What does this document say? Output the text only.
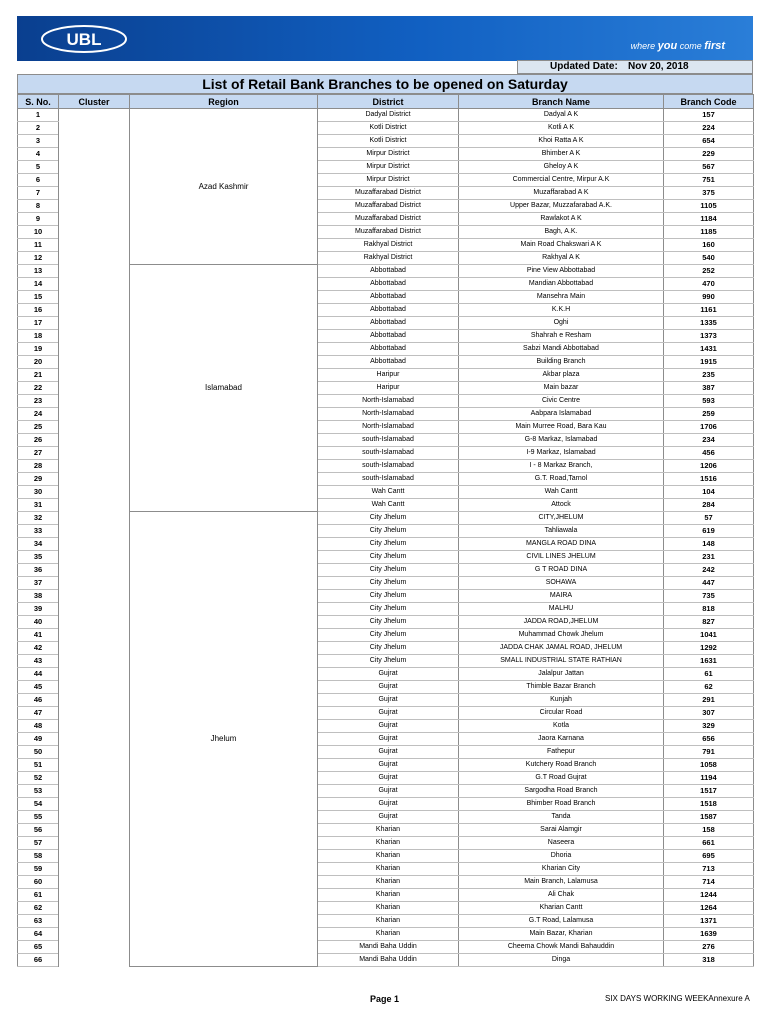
UBL	where you come first
Updated Date: Nov 20, 2018
List of Retail Bank Branches to be opened on Saturday
S. No.	Cluster	Region	District	Branch Name	Branch Code
1		Azad Kashmir	Dadyal District	Dadyal A K	157
2			Kotli District	Kotli A K	224
3			Kotli District	Khoi Ratta A K	654
4			Mirpur District	Bhimber A K	229
5			Mirpur District	Gheloy A K	567
6			Mirpur District	Commercial Centre, Mirpur A.K	751
7			Muzaffarabad District	Muzaffarabad A K	375
8			Muzaffarabad District	Upper Bazar, Muzzafarabad A.K.	1105
9			Muzaffarabad District	Rawlakot A K	1184
10			Muzaffarabad District	Bagh, A.K.	1185
11			Rakhyal District	Main Road Chakswari A K	160
12			Rakhyal District	Rakhyal A K	540
13		Islamabad	Abbottabad	Pine View Abbottabad	252
14			Abbottabad	Mandian Abbottabad	470
15			Abbottabad	Mansehra Main	990
16			Abbottabad	K.K.H	1161
17			Abbottabad	Oghi	1335
18			Abbottabad	Shahrah e Resham	1373
19			Abbottabad	Sabzi Mandi Abbottabad	1431
20			Abbottabad	Building Branch	1915
21			Haripur	Akbar plaza	235
22			Haripur	Main bazar	387
23			North-Islamabad	Civic Centre	593
24			North-Islamabad	Aabpara Islamabad	259
25			North-Islamabad	Main Murree Road, Bara Kau	1706
26			south-Islamabad	G-8 Markaz, Islamabad	234
27			south-Islamabad	I-9 Markaz, Islamabad	456
28			south-Islamabad	I - 8 Markaz Branch,	1206
29			south-Islamabad	G.T. Road,Tarnol	1516
30			Wah Cantt	Wah Cantt	104
31			Wah Cantt	Attock	284
32		Jhelum	City Jhelum	CITY,JHELUM	57
33			City Jhelum	Tahliawala	619
34			City Jhelum	MANGLA ROAD DINA	148
35			City Jhelum	CIVIL LINES JHELUM	231
36			City Jhelum	G T ROAD DINA	242
37			City Jhelum	SOHAWA	447
38			City Jhelum	MAIRA	735
39			City Jhelum	MALHU	818
40			City Jhelum	JADDA ROAD,JHELUM	827
41			City Jhelum	Muhammad Chowk Jhelum	1041
42			City Jhelum	JADDA CHAK JAMAL ROAD, JHELUM	1292
43			City Jhelum	SMALL INDUSTRIAL STATE RATHIAN	1631
44			Gujrat	Jalalpur Jattan	61
45			Gujrat	Thimble Bazar Branch	62
46			Gujrat	Kunjah	291
47			Gujrat	Circular Road	307
48			Gujrat	Kotla	329
49			Gujrat	Jaora Karnana	656
50			Gujrat	Fathepur	791
51			Gujrat	Kutchery Road Branch	1058
52			Gujrat	G.T Road Gujrat	1194
53			Gujrat	Sargodha Road Branch	1517
54			Gujrat	Bhimber Road Branch	1518
55			Gujrat	Tanda	1587
56			Kharian	Sarai Alamgir	158
57			Kharian	Naseera	661
58			Kharian	Dhoria	695
59			Kharian	Kharian City	713
60			Kharian	Main Branch, Lalamusa	714
61			Kharian	Ali Chak	1244
62			Kharian	Kharian Cantt	1264
63			Kharian	G.T Road, Lalamusa	1371
64			Kharian	Main Bazar, Kharian	1639
65			Mandi Baha Uddin	Cheema Chowk Mandi Bahauddin	276
66			Mandi Baha Uddin	Dinga	318
Page 1	SIX DAYS WORKING WEEKAnnexure A
